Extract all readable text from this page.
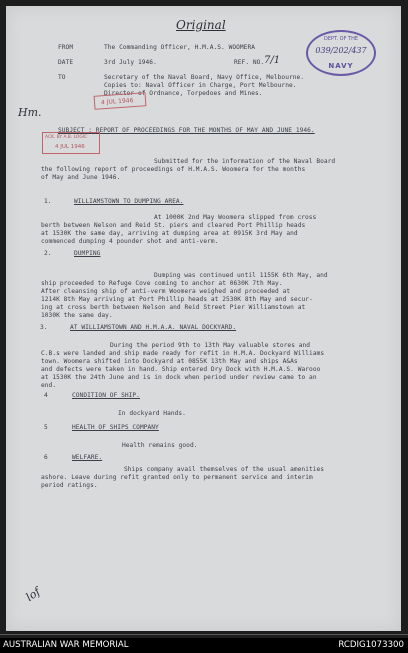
Original
DEPT. OF THE
039/202/437
NAVY
FROM	The Commanding Officer, H.M.A.S. WOOMERA
DATE	3rd July 1946.	REF. NO. 7/1
TO	Secretary of the Naval Board, Navy Office, Melbourne.
Copies to: Naval Officer in Charge, Port Melbourne.
Director of Ordnance, Torpedoes and Mines.
4 JUL 1946
Hm.
SUBJECT : REPORT OF PROCEEDINGS FOR THE MONTHS OF MAY AND JUNE 1946.
ACK. BY A.B. LOGIC
4 JUL 1946
Submitted for the information of the Naval Board
the following report of proceedings of H.M.A.S. Woomera for the months
of May and June 1946.
1.	WILLIAMSTOWN TO DUMPING AREA.
At 1000K 2nd May Woomera slipped from cross
berth between Nelson and Reid St. piers and cleared Port Phillip heads
at 1530K the same day, arriving at dumping area at 0915K 3rd May and
commenced dumping 4 pounder shot and anti-verm.
2.	DUMPING
Dumping was continued until 1155K 6th May, and
ship proceeded to Refuge Cove coming to anchor at 0630K 7th May.
After cleansing ship of anti-verm Woomera weighed and proceeded at
1214K 8th May arriving at Port Phillip heads at 2530K 8th May and secur-
ing at cross berth between Nelson and Reid Street Pier Williamstown at
1030K the same day.
3.	AT WILLIAMSTOWN AND H.M.A.A. NAVAL DOCKYARD.
During the period 9th to 13th May valuable stores and
C.B.s were landed and ship made ready for refit in H.M.A. Dockyard Williams
town. Woomera shifted into Dockyard at 0855K 13th May and ships A&As
and defects were taken in hand. Ship entered Dry Dock with H.M.A.S. Warooo
at 1530K the 24th June and is in dock when period under review came to an
end.
4	CONDITION OF SHIP.
In dockyard Hands.
5	HEALTH OF SHIPS COMPANY
Health remains good.
6	WELFARE.
Ships company avail themselves of the usual amenities
ashore. Leave during refit granted only to permanent service and interim
period ratings.
lof
AUSTRALIAN WAR MEMORIAL	RCDIG1073300
